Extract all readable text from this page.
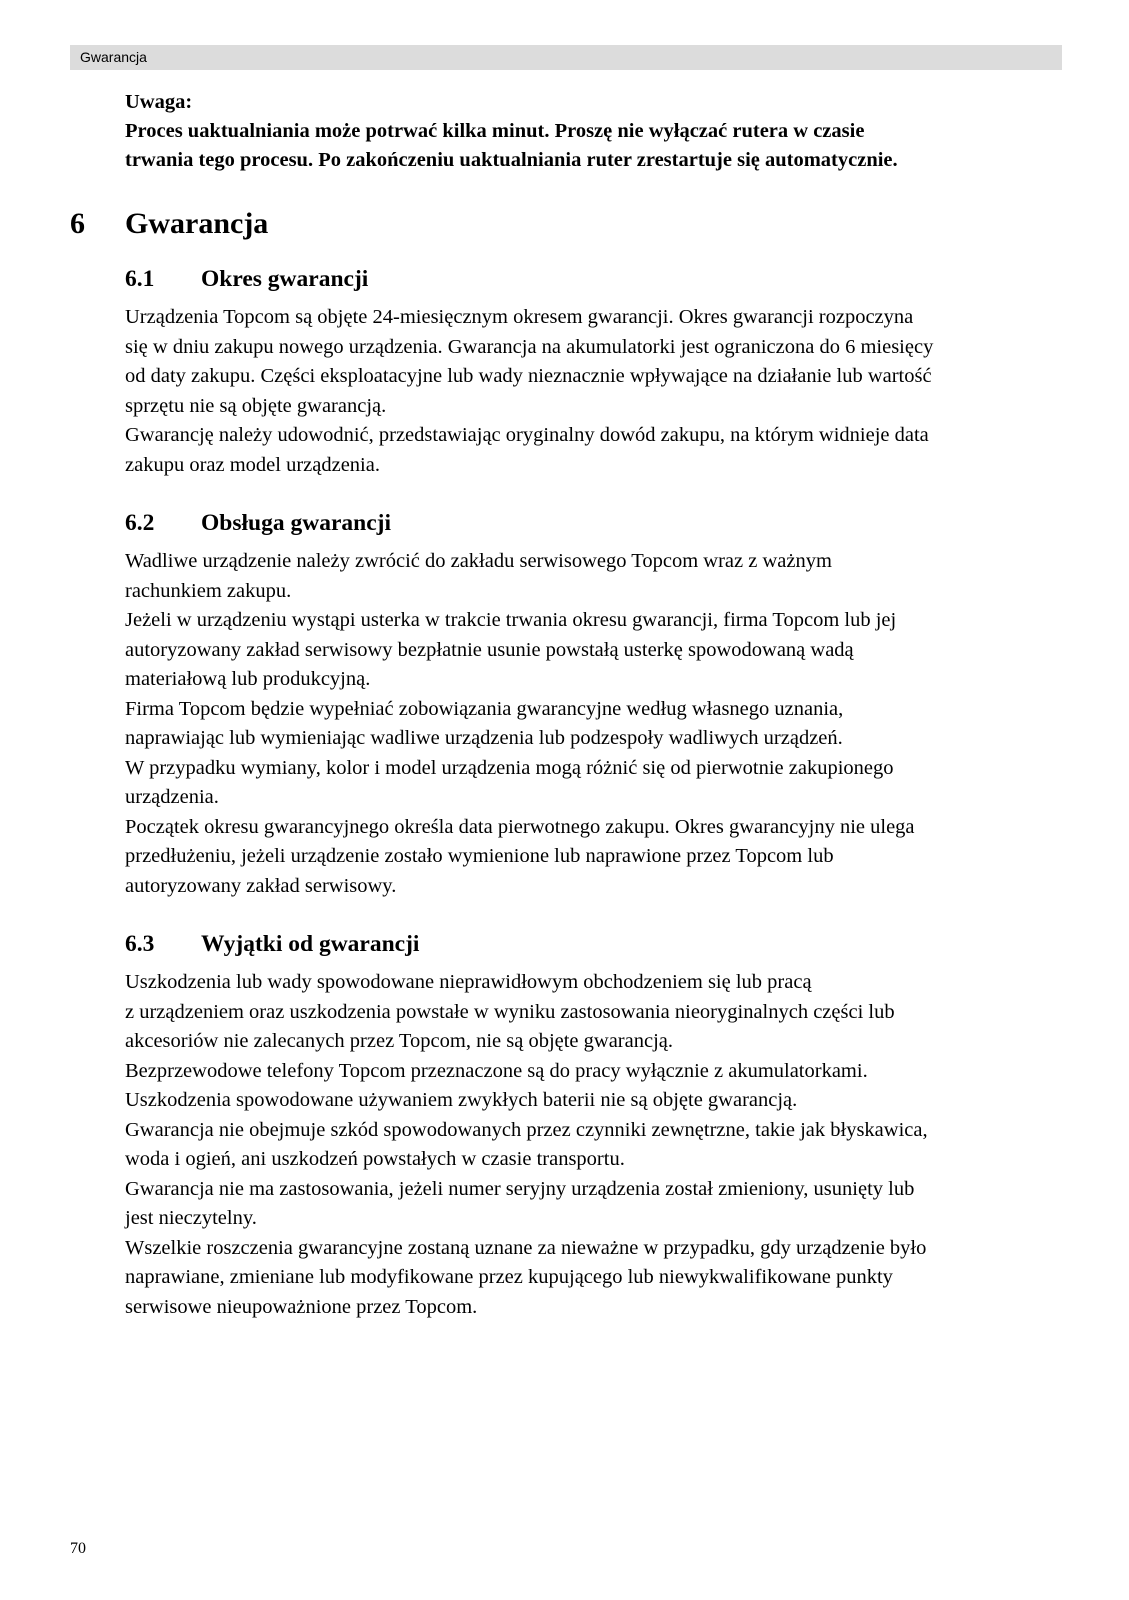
Gwarancja

Uwaga:

Proces uaktualniania może potrwać kilka minut. Proszę nie wyłączać rutera w czasie

trwania tego procesu. Po zakończeniu uaktualniania ruter zrestartuje się automatycznie.

6 Gwarancja
6.1	Okres gwarancji

Urządzenia Topcom są objęte 24-miesięcznym okresem gwarancji. Okres gwarancji rozpoczyna

się w dniu zakupu nowego urządzenia. Gwarancja na akumulatorki jest ograniczona do 6 miesięcy

od daty zakupu. Części eksploatacyjne lub wady nieznacznie wpływające na działanie lub wartość

sprzętu nie są objęte gwarancją.

Gwarancję należy udowodnić, przedstawiając oryginalny dowód zakupu, na którym widnieje data

zakupu oraz model urządzenia.

6.2	Obsługa gwarancji

Wadliwe urządzenie należy zwrócić do zakładu serwisowego Topcom wraz z ważnym

rachunkiem zakupu.

Jeżeli w urządzeniu wystąpi usterka w trakcie trwania okresu gwarancji, firma Topcom lub jej

autoryzowany zakład serwisowy bezpłatnie usunie powstałą usterkę spowodowaną wadą

materiałową lub produkcyjną.

Firma Topcom będzie wypełniać zobowiązania gwarancyjne według własnego uznania,

naprawiając lub wymieniając wadliwe urządzenia lub podzespoły wadliwych urządzeń.

W przypadku wymiany, kolor i model urządzenia mogą różnić się od pierwotnie zakupionego

urządzenia.

Początek okresu gwarancyjnego określa data pierwotnego zakupu. Okres gwarancyjny nie ulega

przedłużeniu, jeżeli urządzenie zostało wymienione lub naprawione przez Topcom lub

autoryzowany zakład serwisowy.

6.3	Wyjątki od gwarancji

Uszkodzenia lub wady spowodowane nieprawidłowym obchodzeniem się lub pracą

z urządzeniem oraz uszkodzenia powstałe w wyniku zastosowania nieoryginalnych części lub

akcesoriów nie zalecanych przez Topcom, nie są objęte gwarancją.

Bezprzewodowe telefony Topcom przeznaczone są do pracy wyłącznie z akumulatorkami.

Uszkodzenia spowodowane używaniem zwykłych baterii nie są objęte gwarancją.

Gwarancja nie obejmuje szkód spowodowanych przez czynniki zewnętrzne, takie jak błyskawica,

woda i ogień, ani uszkodzeń powstałych w czasie transportu.

Gwarancja nie ma zastosowania, jeżeli numer seryjny urządzenia został zmieniony, usunięty lub

jest nieczytelny.

Wszelkie roszczenia gwarancyjne zostaną uznane za nieważne w przypadku, gdy urządzenie było

naprawiane, zmieniane lub modyfikowane przez kupującego lub niewykwalifikowane punkty

serwisowe nieupoważnione przez Topcom.

70
